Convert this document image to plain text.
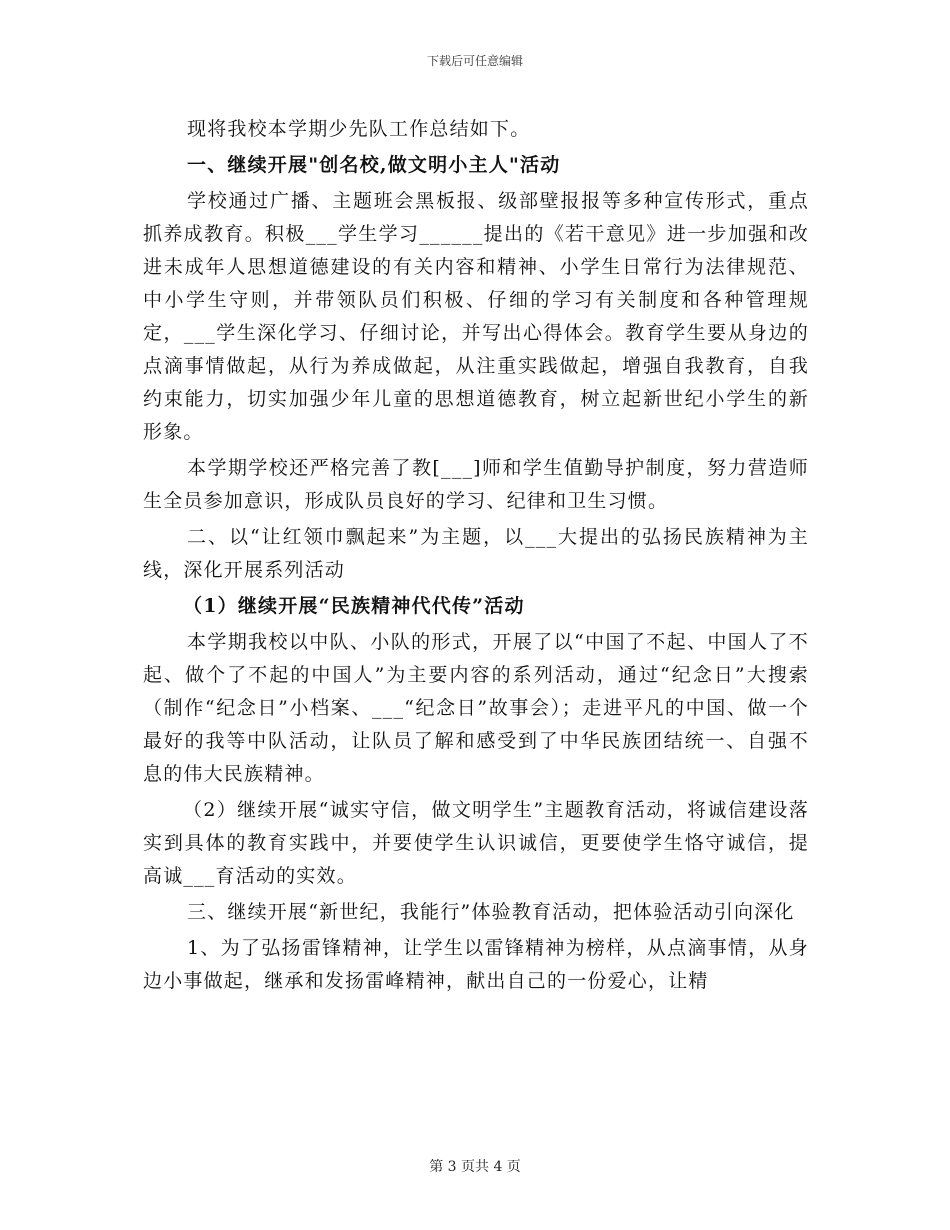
下载后可任意编辑

现将我校本学期少先队工作总结如下。

一、继续开展"创名校,做文明小主人"活动

学校通过广播、主题班会黑板报、级部壁报报等多种宣传形式，重点抓养成教育。积极___学生学习______提出的《若干意见》进一步加强和改进未成年人思想道德建设的有关内容和精神、小学生日常行为法律规范、中小学生守则，并带领队员们积极、仔细的学习有关制度和各种管理规定，___学生深化学习、仔细讨论，并写出心得体会。教育学生要从身边的点滴事情做起，从行为养成做起，从注重实践做起，增强自我教育，自我约束能力，切实加强少年儿童的思想道德教育，树立起新世纪小学生的新形象。

本学期学校还严格完善了教[___]师和学生值勤导护制度，努力营造师生全员参加意识，形成队员良好的学习、纪律和卫生习惯。

二、以“让红领巾飘起来”为主题，以___大提出的弘扬民族精神为主线，深化开展系列活动

（1）继续开展“民族精神代代传”活动

本学期我校以中队、小队的形式，开展了以“中国了不起、中国人了不起、做个了不起的中国人”为主要内容的系列活动，通过“纪念日”大搜索（制作“纪念日”小档案、___“纪念日”故事会）；走进平凡的中国、做一个最好的我等中队活动，让队员了解和感受到了中华民族团结统一、自强不息的伟大民族精神。

（2）继续开展“诚实守信，做文明学生”主题教育活动，将诚信建设落实到具体的教育实践中，并要使学生认识诚信，更要使学生恪守诚信，提高诚___育活动的实效。

三、继续开展“新世纪，我能行”体验教育活动，把体验活动引向深化

1、为了弘扬雷锋精神，让学生以雷锋精神为榜样，从点滴事情，从身边小事做起，继承和发扬雷峰精神，献出自己的一份爱心，让精

第 3 页共 4 页
